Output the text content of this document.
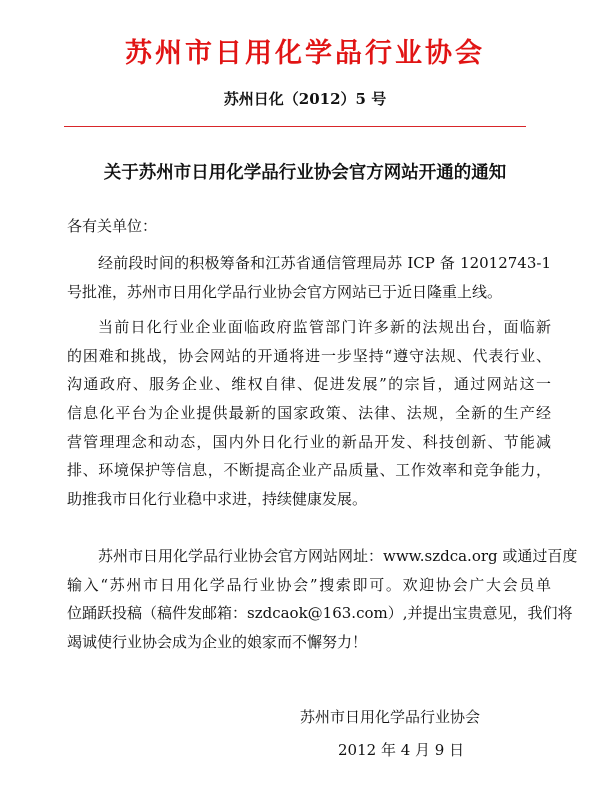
苏州市日用化学品行业协会
苏州日化（2012）5 号
关于苏州市日用化学品行业协会官方网站开通的通知
各有关单位：
经前段时间的积极筹备和江苏省通信管理局苏 ICP 备 12012743-1
号批准，苏州市日用化学品行业协会官方网站已于近日隆重上线。
当前日化行业企业面临政府监管部门许多新的法规出台，面临新
的困难和挑战，协会网站的开通将进一步坚持“遵守法规、代表行业、
沟通政府、服务企业、维权自律、促进发展”的宗旨，通过网站这一
信息化平台为企业提供最新的国家政策、法律、法规，全新的生产经
营管理理念和动态，国内外日化行业的新品开发、科技创新、节能减
排、环境保护等信息，不断提高企业产品质量、工作效率和竞争能力，
助推我市日化行业稳中求进，持续健康发展。
苏州市日用化学品行业协会官方网站网址：www.szdca.org 或通过百度
输入“苏州市日用化学品行业协会”搜索即可。欢迎协会广大会员单
位踊跃投稿（稿件发邮箱：szdcaok@163.com）,并提出宝贵意见，我们将
竭诚使行业协会成为企业的娘家而不懈努力！
苏州市日用化学品行业协会
2012 年 4 月 9 日
